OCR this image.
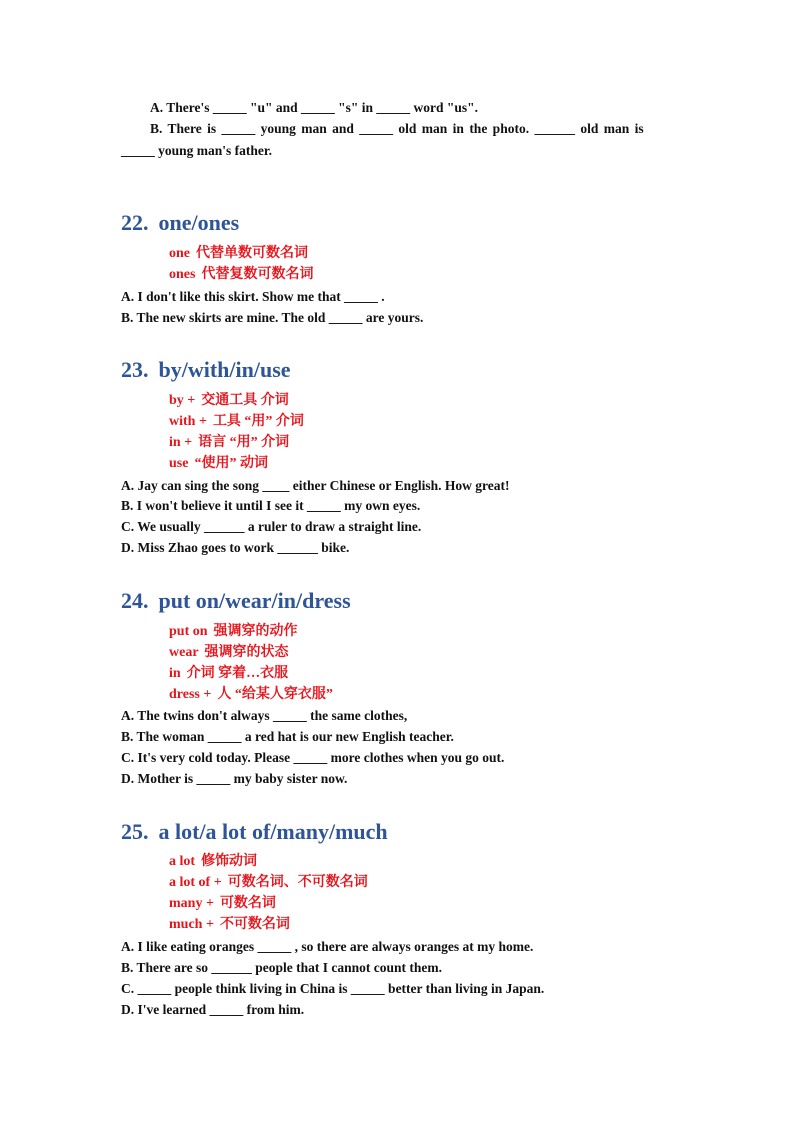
A. There's _____ "u" and _____ "s" in _____ word "us".
B. There is _____ young man and _____ old man in the photo. ______ old man is
_____ young man's father.
22. one/ones
one 代替单数可数名词
ones 代替复数可数名词
A. I don't like this skirt. Show me that _____ .
B. The new skirts are mine. The old _____ are yours.
23. by/with/in/use
by + 交通工具 介词
with + 工具 “用” 介词
in + 语言 “用” 介词
use “使用” 动词
A. Jay can sing the song ____ either Chinese or English. How great!
B. I won't believe it until I see it _____ my own eyes.
C. We usually ______ a ruler to draw a straight line.
D. Miss Zhao goes to work ______ bike.
24. put on/wear/in/dress
put on 强调穿的动作
wear 强调穿的状态
in 介词 穿着…衣服
dress + 人 “给某人穿衣服”
A. The twins don't always _____ the same clothes,
B. The woman _____ a red hat is our new English teacher.
C. It's very cold today. Please _____ more clothes when you go out.
D. Mother is _____ my baby sister now.
25. a lot/a lot of/many/much
a lot 修饰动词
a lot of + 可数名词、不可数名词
many + 可数名词
much + 不可数名词
A. I like eating oranges _____ , so there are always oranges at my home.
B. There are so ______ people that I cannot count them.
C. _____ people think living in China is _____ better than living in Japan.
D. I've learned _____ from him.
